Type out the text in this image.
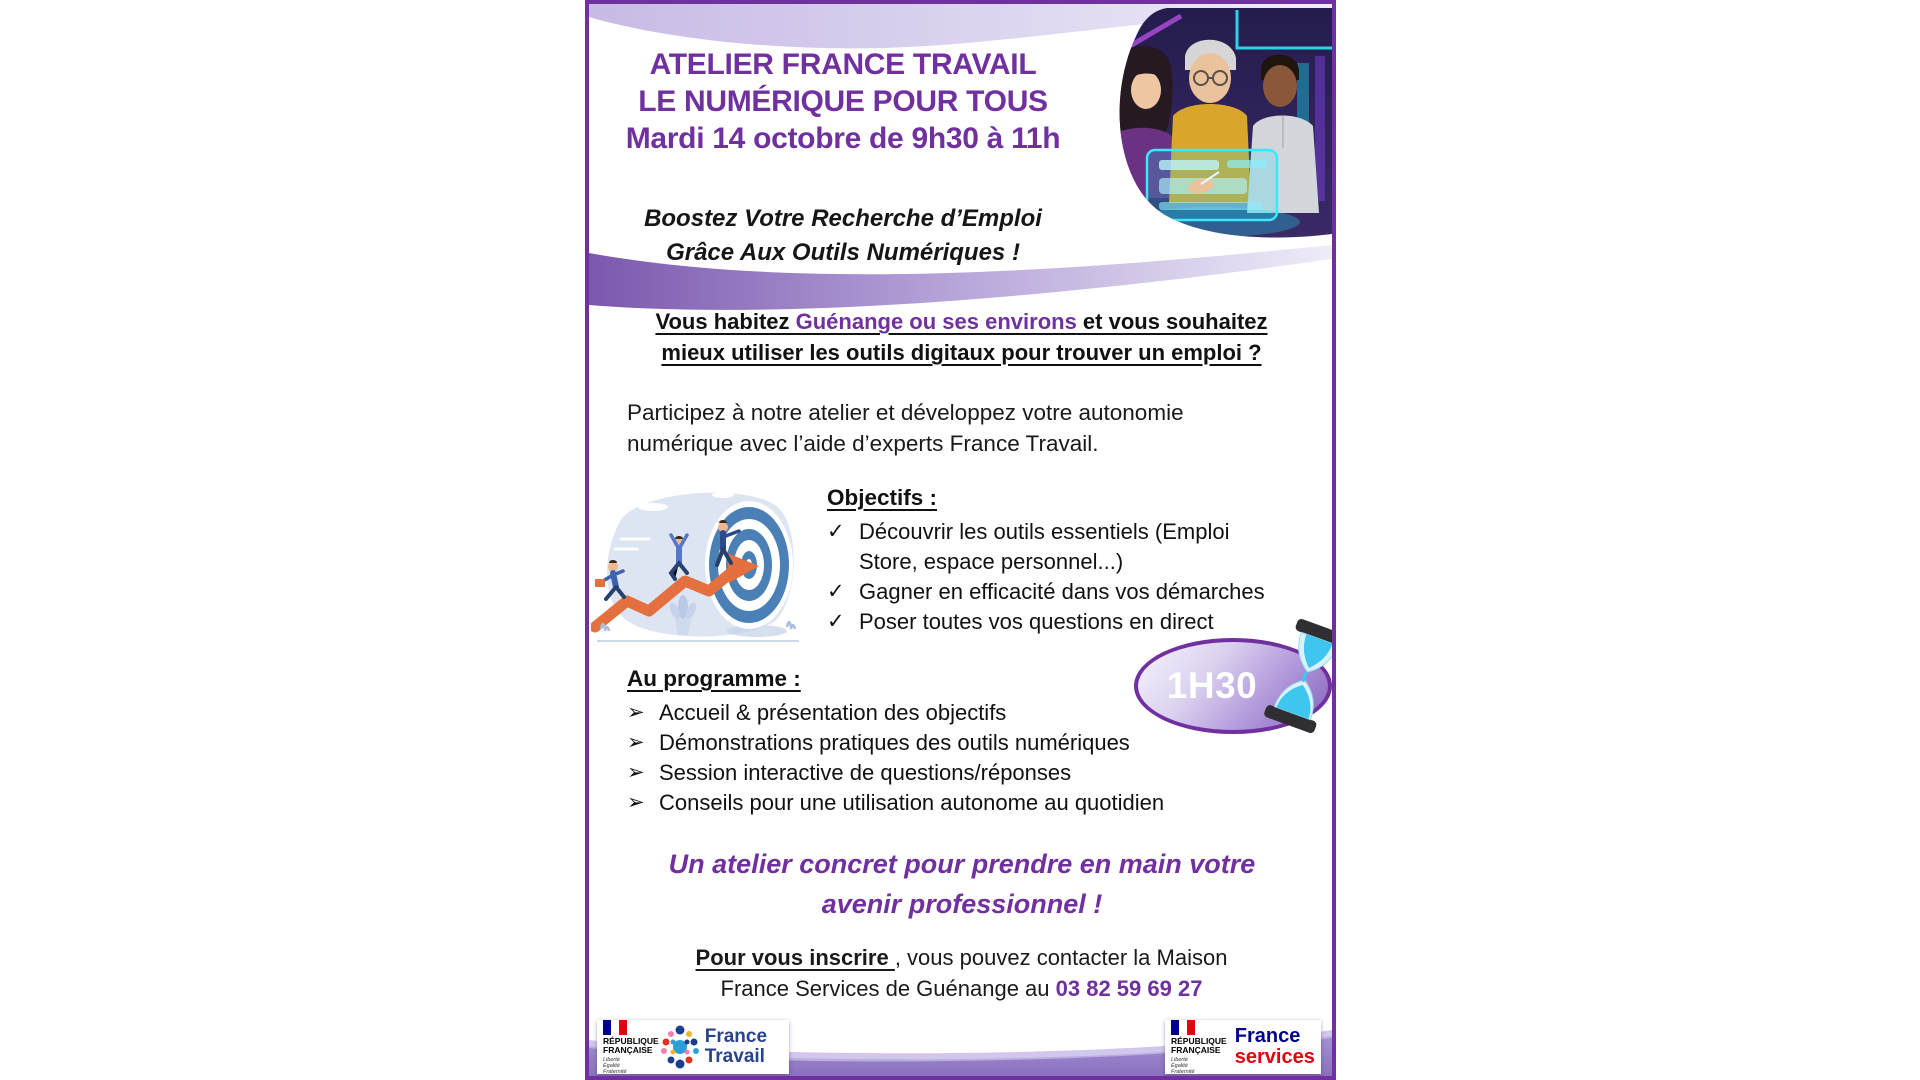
ATELIER FRANCE TRAVAIL
LE NUMÉRIQUE POUR TOUS
Mardi 14 octobre de 9h30 à 11h
Boostez Votre Recherche d’Emploi
Grâce Aux Outils Numériques !
Vous habitez Guénange ou ses environs et vous souhaitez mieux utiliser les outils digitaux pour trouver un emploi ?
Participez à notre atelier et développez votre autonomie numérique avec l’aide d’experts France Travail.
Objectifs :
✓ Découvrir les outils essentiels (Emploi Store, espace personnel...)
✓ Gagner en efficacité dans vos démarches
✓ Poser toutes vos questions en direct
1H30
Au programme :
➢ Accueil & présentation des objectifs
➢ Démonstrations pratiques des outils numériques
➢ Session interactive de questions/réponses
➢ Conseils pour une utilisation autonome au quotidien
Un atelier concret pour prendre en main votre avenir professionnel !
Pour vous inscrire , vous pouvez contacter la Maison France Services de Guénange au 03 82 59 69 27
RÉPUBLIQUE
FRANÇAISE
Liberté
Égalité
Fraternité
France
Travail
RÉPUBLIQUE
FRANÇAISE
Liberté
Égalité
Fraternité
France
services
